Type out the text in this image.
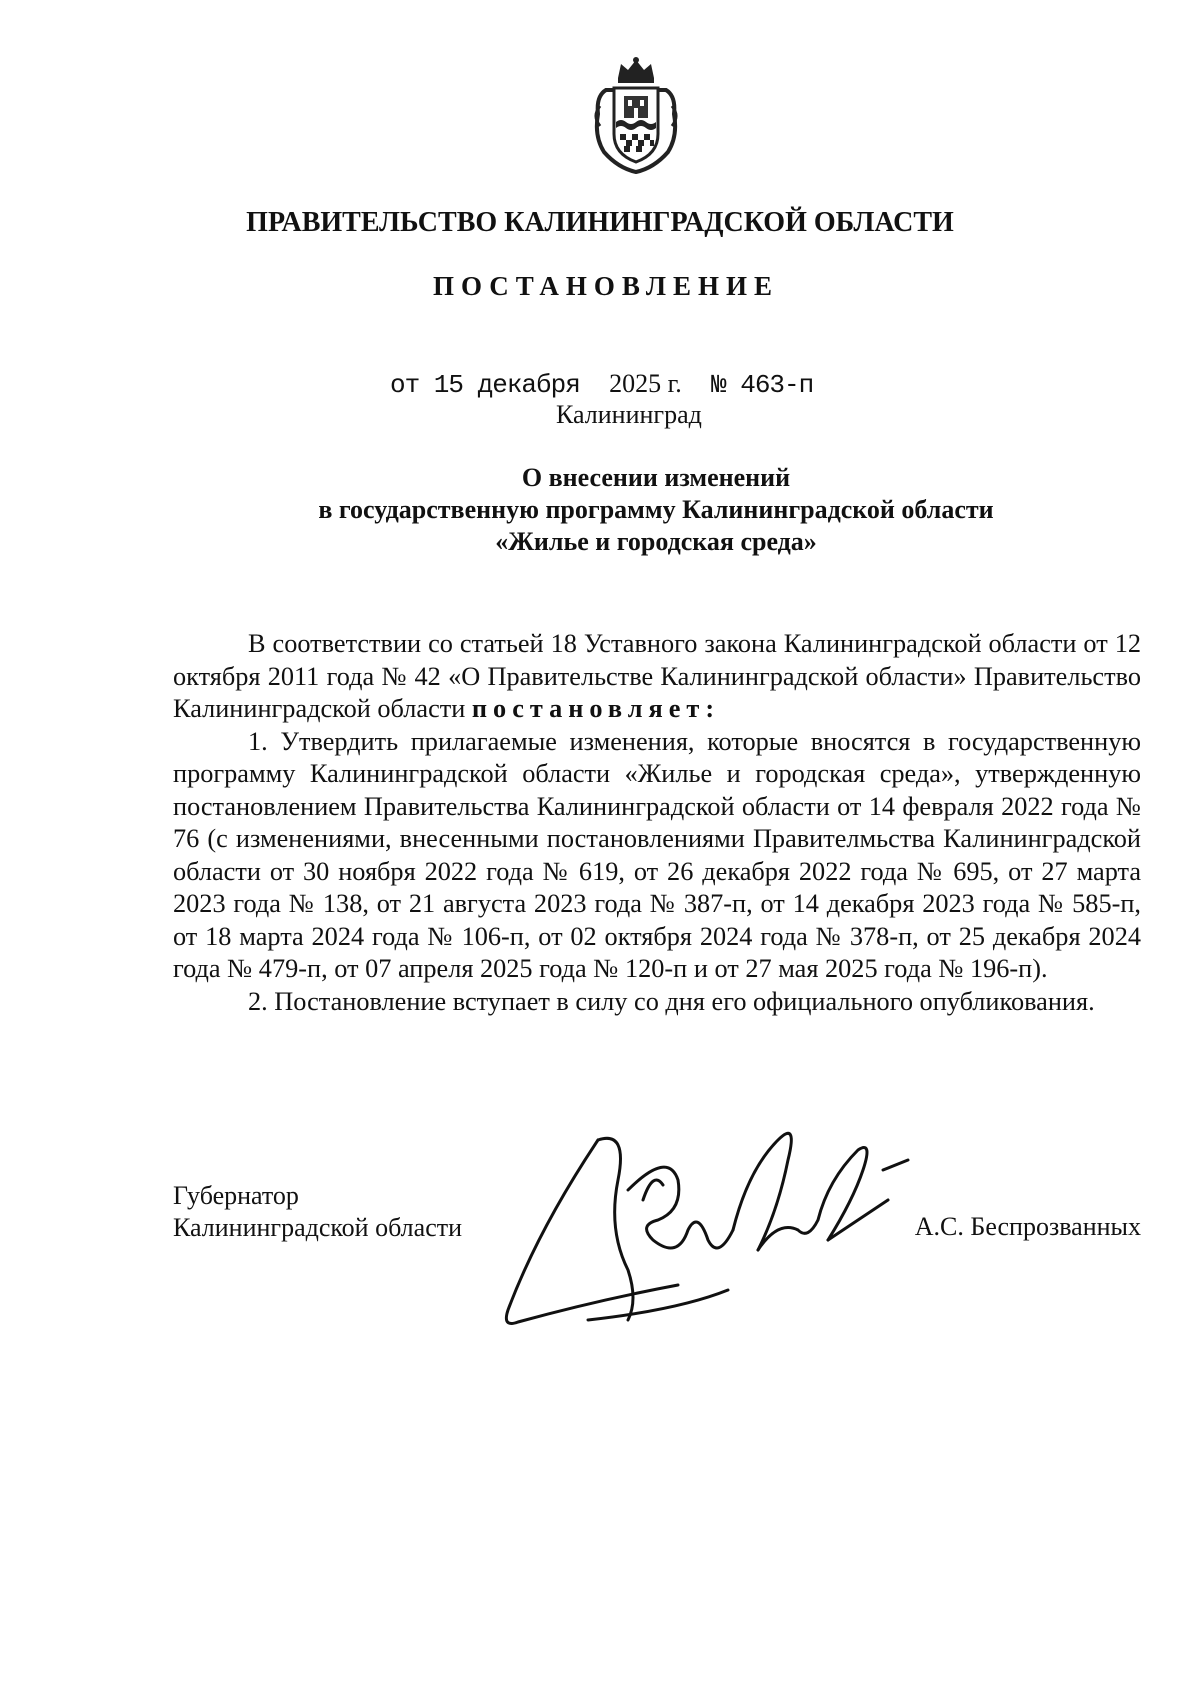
ПРАВИТЕЛЬСТВО КАЛИНИНГРАДСКОЙ ОБЛАСТИ
ПОСТАНОВЛЕНИЕ
от 15 декабря 2025 г. № 463-п
Калининград
О внесении изменений
в государственную программу Калининградской области
«Жилье и городская среда»

В соответствии со статьей 18 Уставного закона Калининградской области от 12 октября 2011 года № 42 «О Правительстве Калининградской области» Правительство Калининградской области постановляет:

1. Утвердить прилагаемые изменения, которые вносятся в государственную программу Калининградской области «Жилье и городская среда», утвержденную постановлением Правительства Калининградской области от 14 февраля 2022 года № 76 (с изменениями, внесенными постановлениями Правителмьства Калининградской области от 30 ноября 2022 года № 619, от 26 декабря 2022 года № 695, от 27 марта 2023 года № 138, от 21 августа 2023 года № 387-п, от 14 декабря 2023 года № 585-п, от 18 марта 2024 года № 106-п, от 02 октября 2024 года № 378-п, от 25 декабря 2024 года № 479-п, от 07 апреля 2025 года № 120-п и от 27 мая 2025 года № 196-п).

2. Постановление вступает в силу со дня его официального опубликования.

Губернатор
Калининградской области	А.С. Беспрозванных
